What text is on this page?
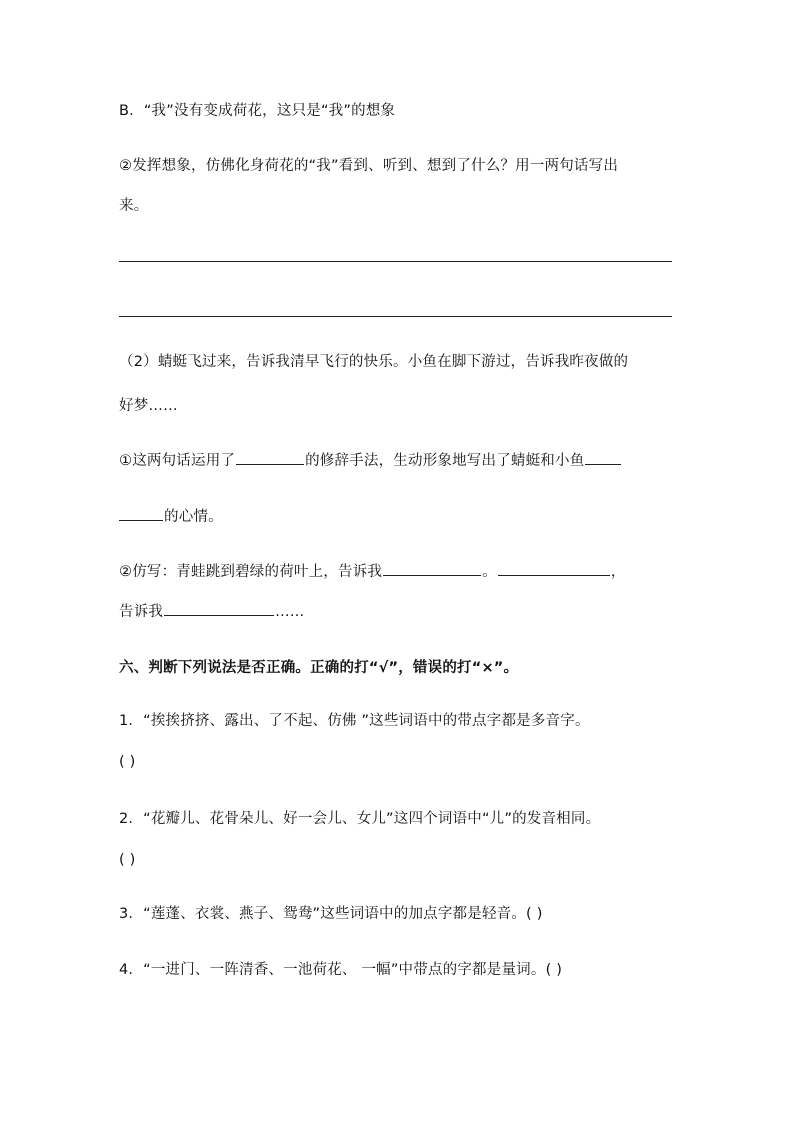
B．“我”没有变成荷花，这只是“我”的想象
②发挥想象，仿佛化身荷花的“我”看到、听到、想到了什么？用一两句话写出
来。
（2）蜻蜓飞过来，告诉我清早飞行的快乐。小鱼在脚下游过，告诉我昨夜做的
好梦……
①这两句话运用了	的修辞手法，生动形象地写出了蜻蜓和小鱼
的心情。
②仿写：青蛙跳到碧绿的荷叶上，告诉我	。	，
告诉我	……
六、判断下列说法是否正确。正确的打“√”，错误的打“×”。
1．“挨挨挤挤、露出、了不起、仿佛 ”这些词语中的带点字都是多音字。
( )
2．“花瓣儿、花骨朵儿、好一会儿、女儿”这四个词语中“儿”的发音相同。
( )
3．“莲蓬、衣裳、燕子、鸳鸯”这些词语中的加点字都是轻音。( )
4．“一进门、一阵清香、一池荷花、 一幅”中带点的字都是量词。( )
